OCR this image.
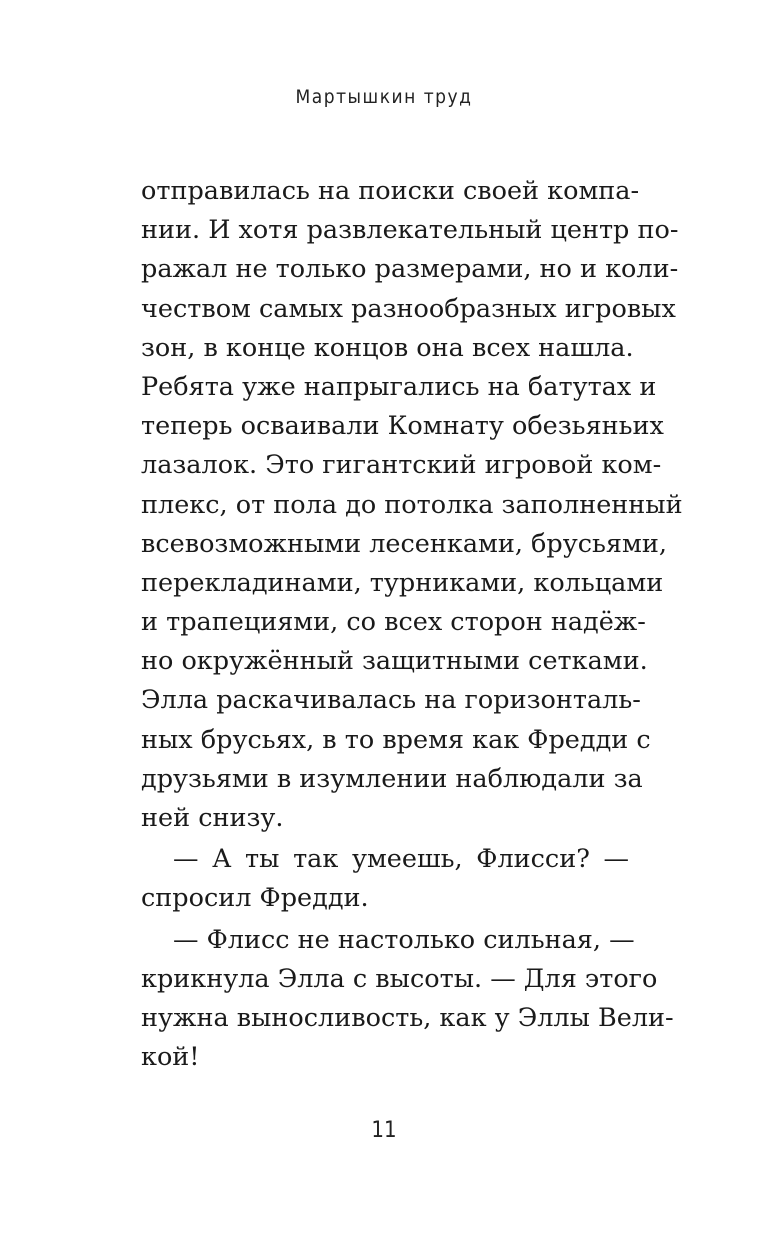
Мартышкин труд
отправилась на поиски своей компа-
нии. И хотя развлекательный центр по-
ражал не только размерами, но и коли-
чеством самых разнообразных игровых
зон, в конце концов она всех нашла.
Ребята уже напрыгались на батутах и
теперь осваивали Комнату обезьяньих
лазалок. Это гигантский игровой ком-
плекс, от пола до потолка заполненный
всевозможными лесенками, брусьями,
перекладинами, турниками, кольцами
и трапециями, со всех сторон надёж-
но окружённый защитными сетками.
Элла раскачивалась на горизонталь-
ных брусьях, в то время как Фредди с
друзьями в изумлении наблюдали за
ней снизу.
— А ты так умеешь, Флисси? —
спросил Фредди.
— Флисс не настолько сильная, —
крикнула Элла с высоты. — Для этого
нужна выносливость, как у Эллы Вели-
кой!
11
